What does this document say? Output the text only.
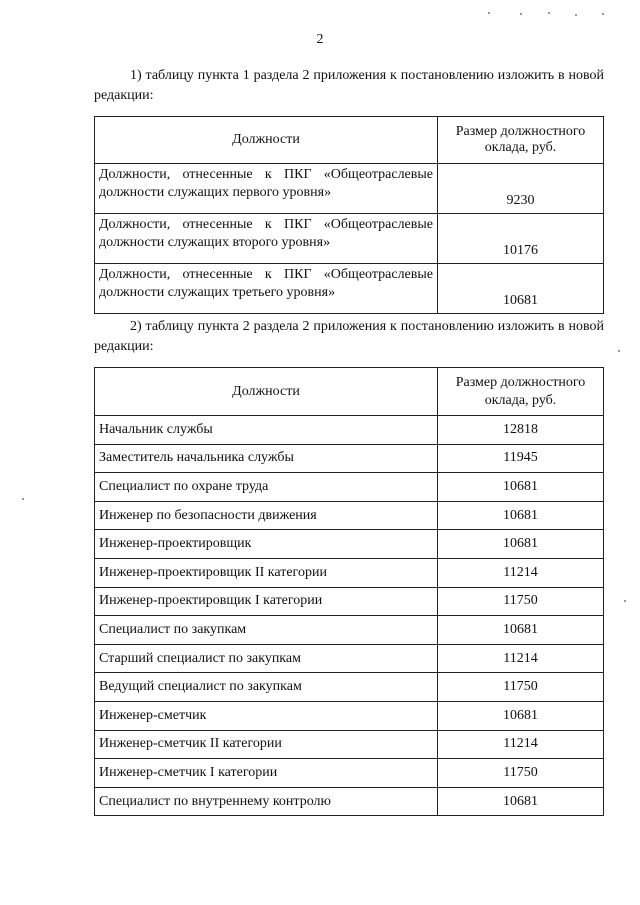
2
1) таблицу пункта 1 раздела 2 приложения к постановлению изложить в новой редакции:
Должности	Размер должностного оклада, руб.
Должности, отнесенные к ПКГ «Общеотраслевые должности служащих первого уровня»	9230
Должности, отнесенные к ПКГ «Общеотраслевые должности служащих второго уровня»	10176
Должности, отнесенные к ПКГ «Общеотраслевые должности служащих третьего уровня»	10681
2) таблицу пункта 2 раздела 2 приложения к постановлению изложить в новой редакции:
Должности	Размер должностного оклада, руб.
Начальник службы	12818
Заместитель начальника службы	11945
Специалист по охране труда	10681
Инженер по безопасности движения	10681
Инженер-проектировщик	10681
Инженер-проектировщик II категории	11214
Инженер-проектировщик I категории	11750
Специалист по закупкам	10681
Старший специалист по закупкам	11214
Ведущий специалист по закупкам	11750
Инженер-сметчик	10681
Инженер-сметчик II категории	11214
Инженер-сметчик I категории	11750
Специалист по внутреннему контролю	10681
